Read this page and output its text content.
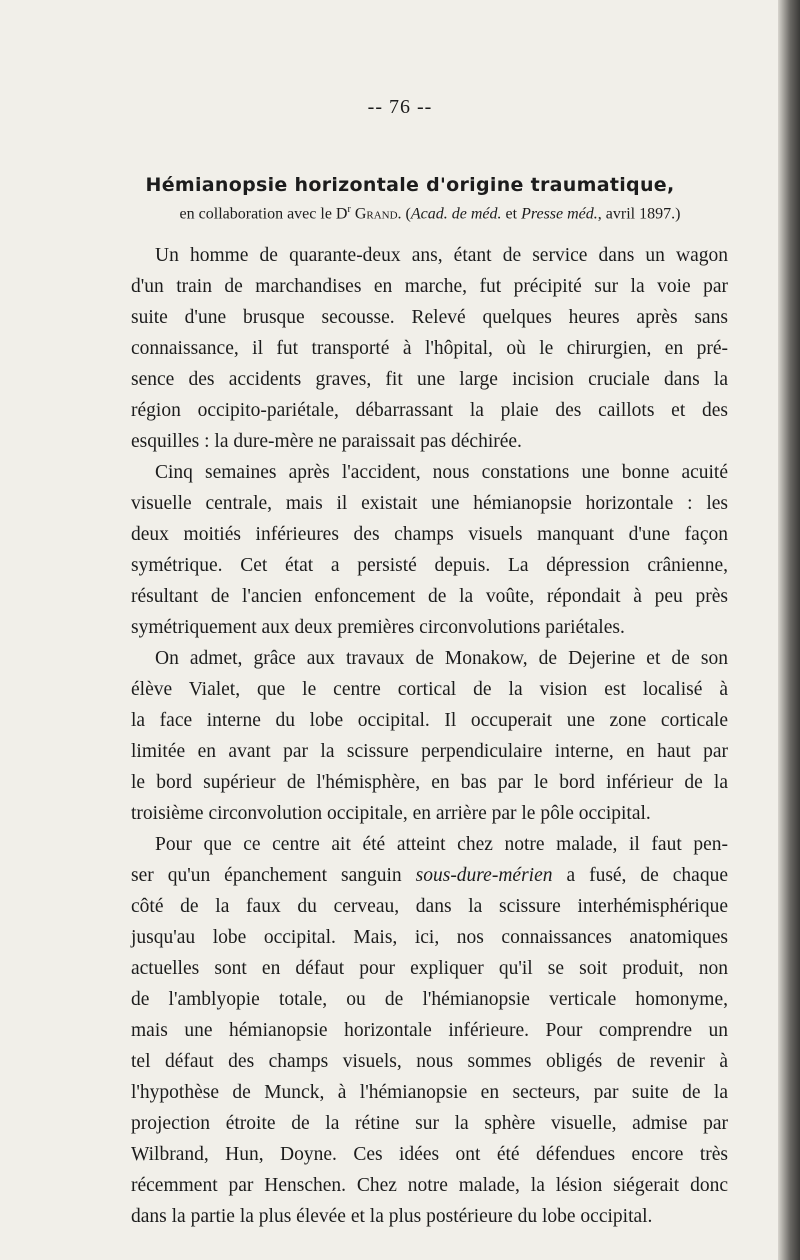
-- 76 --
Hémianopsie horizontale d'origine traumatique,
en collaboration avec le $D^r$ Grand. (Acad. de méd. et Presse méd., avril 1897.)
Un homme de quarante-deux ans, étant de service dans un wagon
d'un train de marchandises en marche, fut précipité sur la voie par
suite d'une brusque secousse. Relevé quelques heures après sans
connaissance, il fut transporté à l'hôpital, où le chirurgien, en pré-
sence des accidents graves, fit une large incision cruciale dans la
région occipito-pariétale, débarrassant la plaie des caillots et des
esquilles : la dure-mère ne paraissait pas déchirée.
Cinq semaines après l'accident, nous constations une bonne acuité
visuelle centrale, mais il existait une hémianopsie horizontale : les
deux moitiés inférieures des champs visuels manquant d'une façon
symétrique. Cet état a persisté depuis. La dépression crânienne,
résultant de l'ancien enfoncement de la voûte, répondait à peu près
symétriquement aux deux premières circonvolutions pariétales.
On admet, grâce aux travaux de Monakow, de Dejerine et de son
élève Vialet, que le centre cortical de la vision est localisé à
la face interne du lobe occipital. Il occuperait une zone corticale
limitée en avant par la scissure perpendiculaire interne, en haut par
le bord supérieur de l'hémisphère, en bas par le bord inférieur de la
troisième circonvolution occipitale, en arrière par le pôle occipital.
Pour que ce centre ait été atteint chez notre malade, il faut pen-
ser qu'un épanchement sanguin sous-dure-mérien a fusé, de chaque
côté de la faux du cerveau, dans la scissure interhémisphérique
jusqu'au lobe occipital. Mais, ici, nos connaissances anatomiques
actuelles sont en défaut pour expliquer qu'il se soit produit, non
de l'amblyopie totale, ou de l'hémianopsie verticale homonyme,
mais une hémianopsie horizontale inférieure. Pour comprendre un
tel défaut des champs visuels, nous sommes obligés de revenir à
l'hypothèse de Munck, à l'hémianopsie en secteurs, par suite de la
projection étroite de la rétine sur la sphère visuelle, admise par
Wilbrand, Hun, Doyne. Ces idées ont été défendues encore très
récemment par Henschen. Chez notre malade, la lésion siégerait donc
dans la partie la plus élevée et la plus postérieure du lobe occipital.
